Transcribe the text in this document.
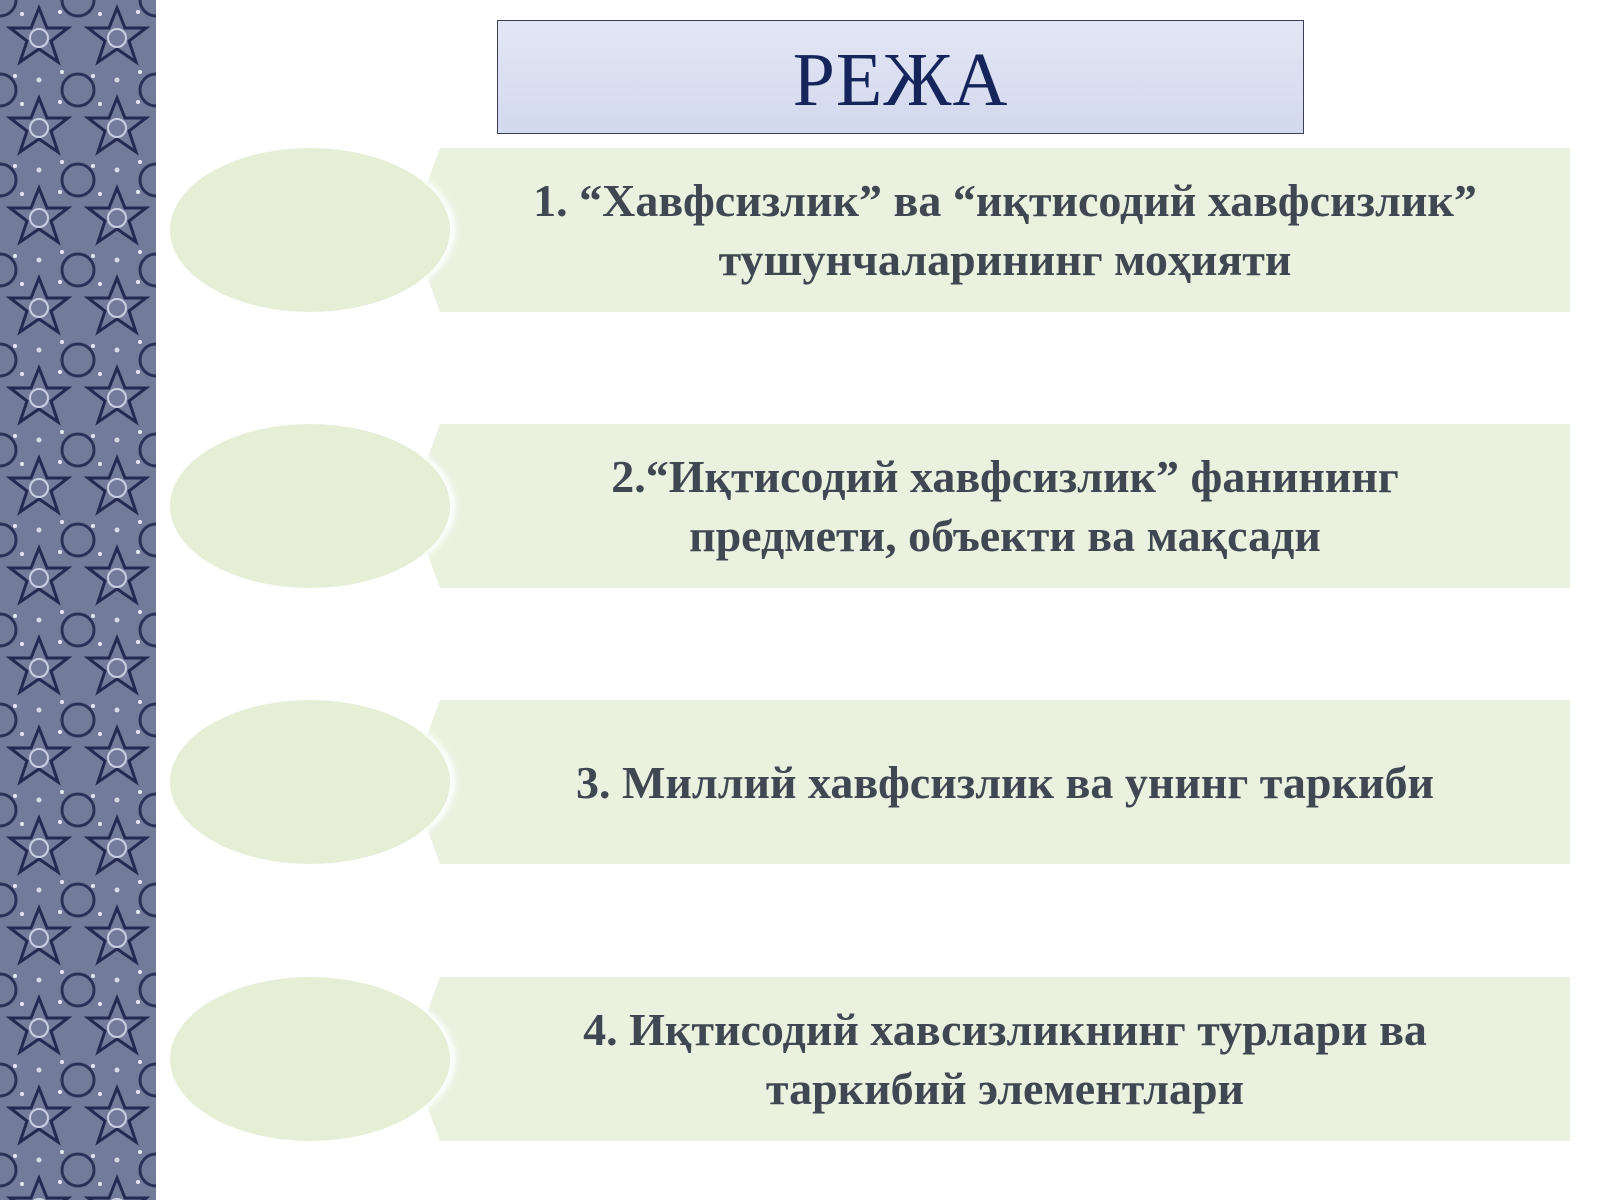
РЕЖА
1. “Хавфсизлик” ва “иқтисодий хавфсизлик”
тушунчаларининг моҳияти
2.“Иқтисодий хавфсизлик” фанининг
предмети, объекти ва мақсади
3. Миллий хавфсизлик ва унинг таркиби
4. Иқтисодий хавсизликнинг турлари ва
таркибий элементлари
